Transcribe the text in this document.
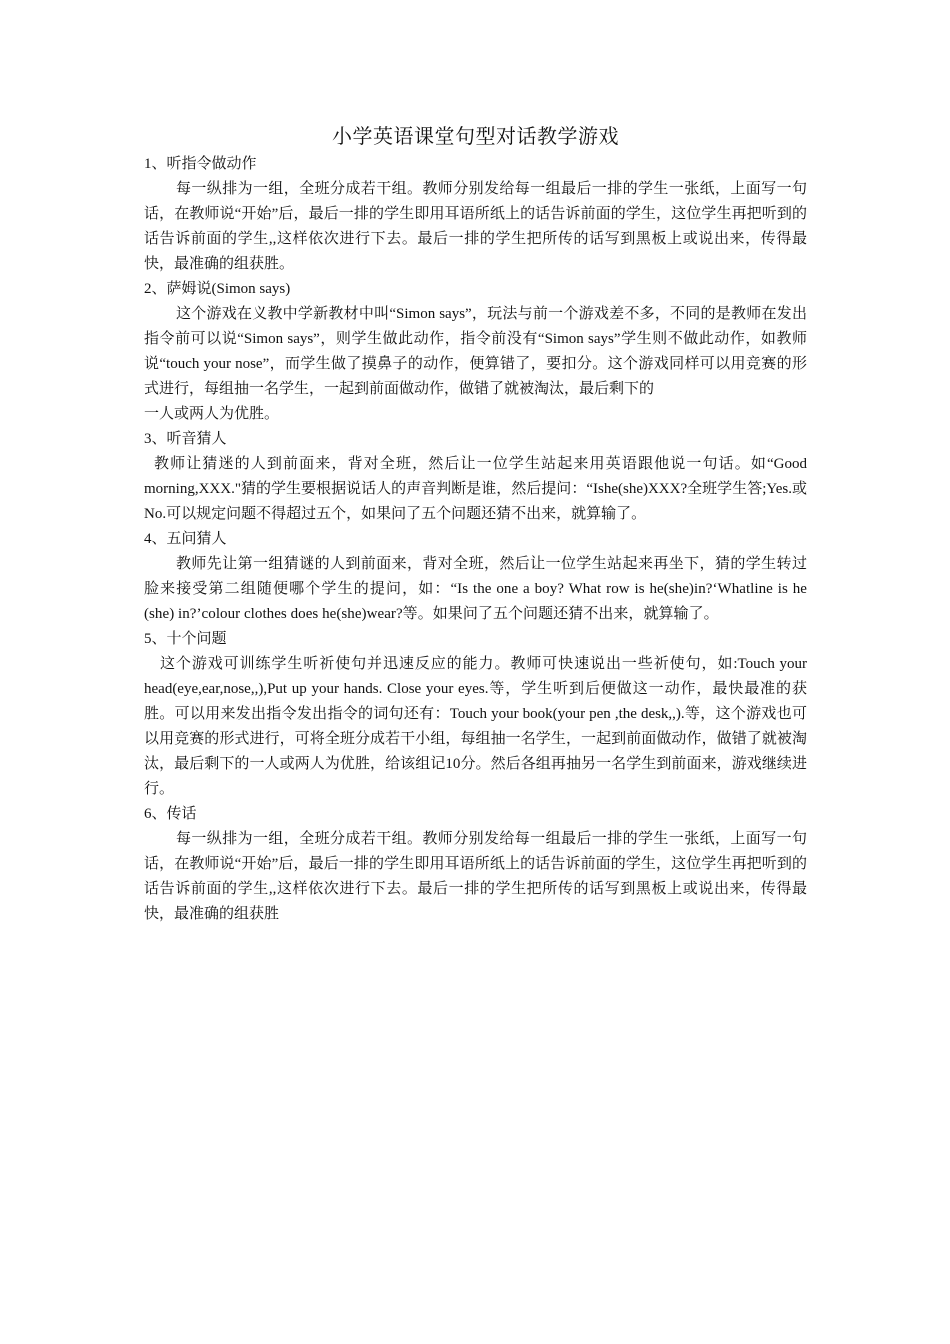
小学英语课堂句型对话教学游戏

1、听指令做动作

每一纵排为一组，全班分成若干组。教师分别发给每一组最后一排的学生一张纸，上面写一句话，在教师说“开始”后，最后一排的学生即用耳语所纸上的话告诉前面的学生，这位学生再把听到的话告诉前面的学生,,这样依次进行下去。最后一排的学生把所传的话写到黑板上或说出来，传得最快，最准确的组获胜。

2、萨姆说(Simon says)

这个游戏在义教中学新教材中叫“Simon says”，玩法与前一个游戏差不多，不同的是教师在发出指令前可以说“Simon says”，则学生做此动作，指令前没有“Simon says”学生则不做此动作，如教师说“touch your nose”，而学生做了摸鼻子的动作，便算错了，要扣分。这个游戏同样可以用竞赛的形式进行，每组抽一名学生，一起到前面做动作，做错了就被淘汰，最后剩下的

一人或两人为优胜。

3、听音猜人

教师让猜迷的人到前面来，背对全班，然后让一位学生站起来用英语跟他说一句话。如“Good morning,XXX."猜的学生要根据说话人的声音判断是谁，然后提问：“Ishe(she)XXX?全班学生答;Yes.或No.可以规定问题不得超过五个，如果问了五个问题还猜不出来，就算输了。

4、五问猜人

教师先让第一组猜谜的人到前面来，背对全班，然后让一位学生站起来再坐下，猜的学生转过脸来接受第二组随便哪个学生的提问，如：“Is the one a boy? What row is he(she)in?‘Whatline is he (she) in?’colour clothes does he(she)wear?等。如果问了五个问题还猜不出来，就算输了。

5、十个问题

这个游戏可训练学生听祈使句并迅速反应的能力。教师可快速说出一些祈使句，如:Touch your head(eye,ear,nose,,),Put up your hands. Close your eyes.等，学生听到后便做这一动作，最快最准的获胜。可以用来发出指令发出指令的词句还有：Touch your book(your pen ,the desk,,).等，这个游戏也可以用竞赛的形式进行，可将全班分成若干小组，每组抽一名学生，一起到前面做动作，做错了就被淘汰，最后剩下的一人或两人为优胜，给该组记10分。然后各组再抽另一名学生到前面来，游戏继续进行。

6、传话

每一纵排为一组，全班分成若干组。教师分别发给每一组最后一排的学生一张纸，上面写一句话，在教师说“开始”后，最后一排的学生即用耳语所纸上的话告诉前面的学生，这位学生再把听到的话告诉前面的学生,,这样依次进行下去。最后一排的学生把所传的话写到黑板上或说出来，传得最快，最准确的组获胜
